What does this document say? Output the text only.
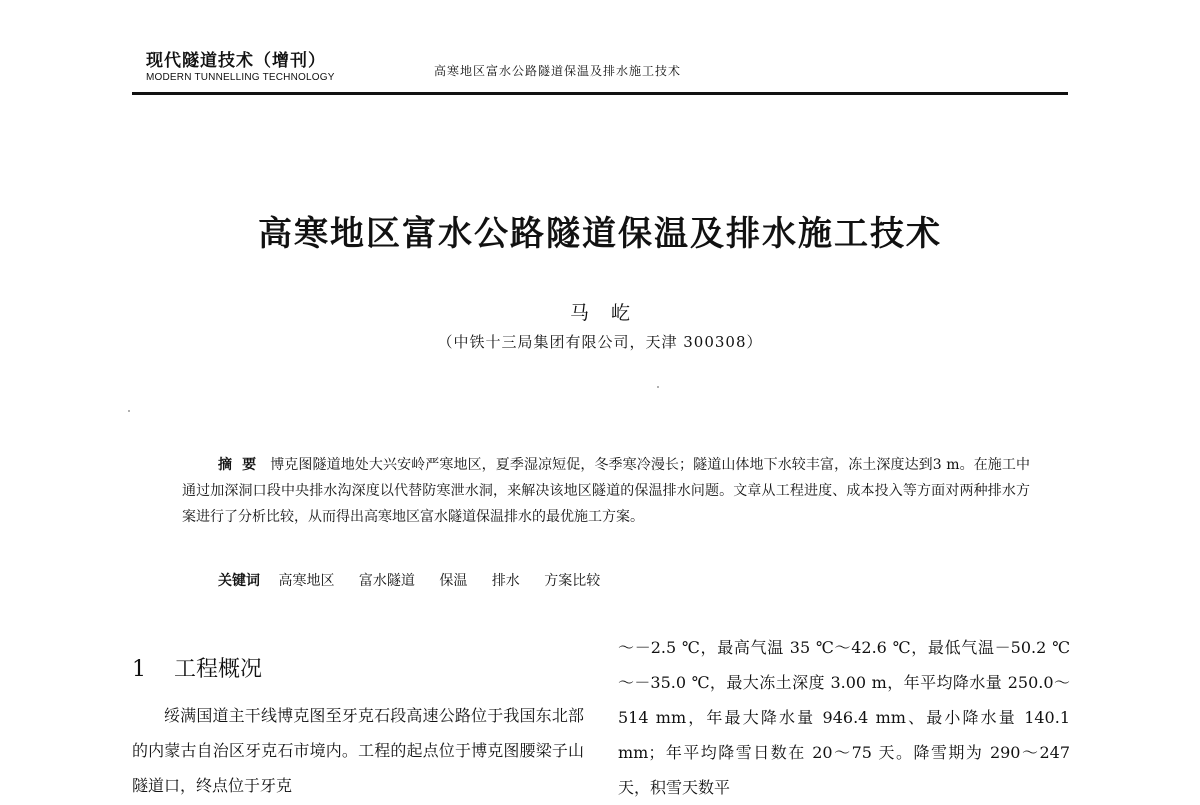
现代隧道技术（增刊）
MODERN TUNNELLING TECHNOLOGY	高寒地区富水公路隧道保温及排水施工技术
高寒地区富水公路隧道保温及排水施工技术
马屹
（中铁十三局集团有限公司，天津 300308）
摘要 博克图隧道地处大兴安岭严寒地区，夏季湿凉短促，冬季寒冷漫长；隧道山体地下水较丰富，冻土深度达到3 m。在施工中通过加深洞口段中央排水沟深度以代替防寒泄水洞，来解决该地区隧道的保温排水问题。文章从工程进度、成本投入等方面对两种排水方案进行了分析比较，从而得出高寒地区富水隧道保温排水的最优施工方案。
关键词 高寒地区 富水隧道 保温 排水 方案比较
1 工程概况

绥满国道主干线博克图至牙克石段高速公路位于我国东北部的内蒙古自治区牙克石市境内。工程的起点位于博克图腰梁子山隧道口，终点位于牙克

～－2.5 ℃，最高气温 35 ℃～42.6 ℃，最低气温－50.2 ℃～－35.0 ℃，最大冻土深度 3.00 m，年平均降水量 250.0～514 mm，年最大降水量 946.4 mm、最小降水量 140.1 mm；年平均降雪日数在 20～75 天。降雪期为 290～247 天，积雪天数平
